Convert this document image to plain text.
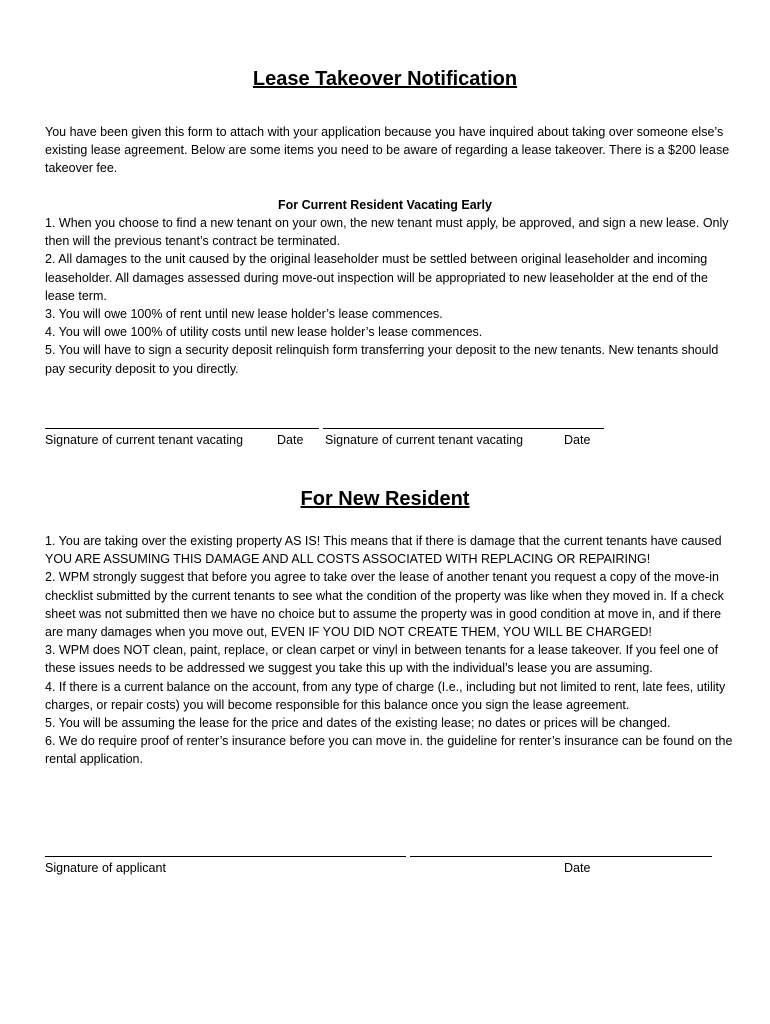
Lease Takeover Notification

You have been given this form to attach with your application because you have inquired about taking over someone else’s existing lease agreement. Below are some items you need to be aware of regarding a lease takeover. There is a $200 lease takeover fee.

For Current Resident Vacating Early

1. When you choose to find a new tenant on your own, the new tenant must apply, be approved, and sign a new lease. Only then will the previous tenant’s contract be terminated.

2. All damages to the unit caused by the original leaseholder must be settled between original leaseholder and incoming leaseholder. All damages assessed during move-out inspection will be appropriated to new leaseholder at the end of the lease term.

3. You will owe 100% of rent until new lease holder’s lease commences.

4. You will owe 100% of utility costs until new lease holder’s lease commences.

5. You will have to sign a security deposit relinquish form transferring your deposit to the new tenants. New tenants should pay security deposit to you directly.

Signature of current tenant vacating	Date Signature of current tenant vacating	Date
For New Resident

1. You are taking over the existing property AS IS! This means that if there is damage that the current tenants have caused YOU ARE ASSUMING THIS DAMAGE AND ALL COSTS ASSOCIATED WITH REPLACING OR REPAIRING!

2. WPM strongly suggest that before you agree to take over the lease of another tenant you request a copy of the move-in checklist submitted by the current tenants to see what the condition of the property was like when they moved in. If a check sheet was not submitted then we have no choice but to assume the property was in good condition at move in, and if there are many damages when you move out, EVEN IF YOU DID NOT CREATE THEM, YOU WILL BE CHARGED!

3. WPM does NOT clean, paint, replace, or clean carpet or vinyl in between tenants for a lease takeover. If you feel one of these issues needs to be addressed we suggest you take this up with the individual’s lease you are assuming.

4. If there is a current balance on the account, from any type of charge (I.e., including but not limited to rent, late fees, utility charges, or repair costs) you will become responsible for this balance once you sign the lease agreement.

5. You will be assuming the lease for the price and dates of the existing lease; no dates or prices will be changed.

6. We do require proof of renter’s insurance before you can move in. the guideline for renter’s insurance can be found on the rental application.

Signature of applicant	Date
